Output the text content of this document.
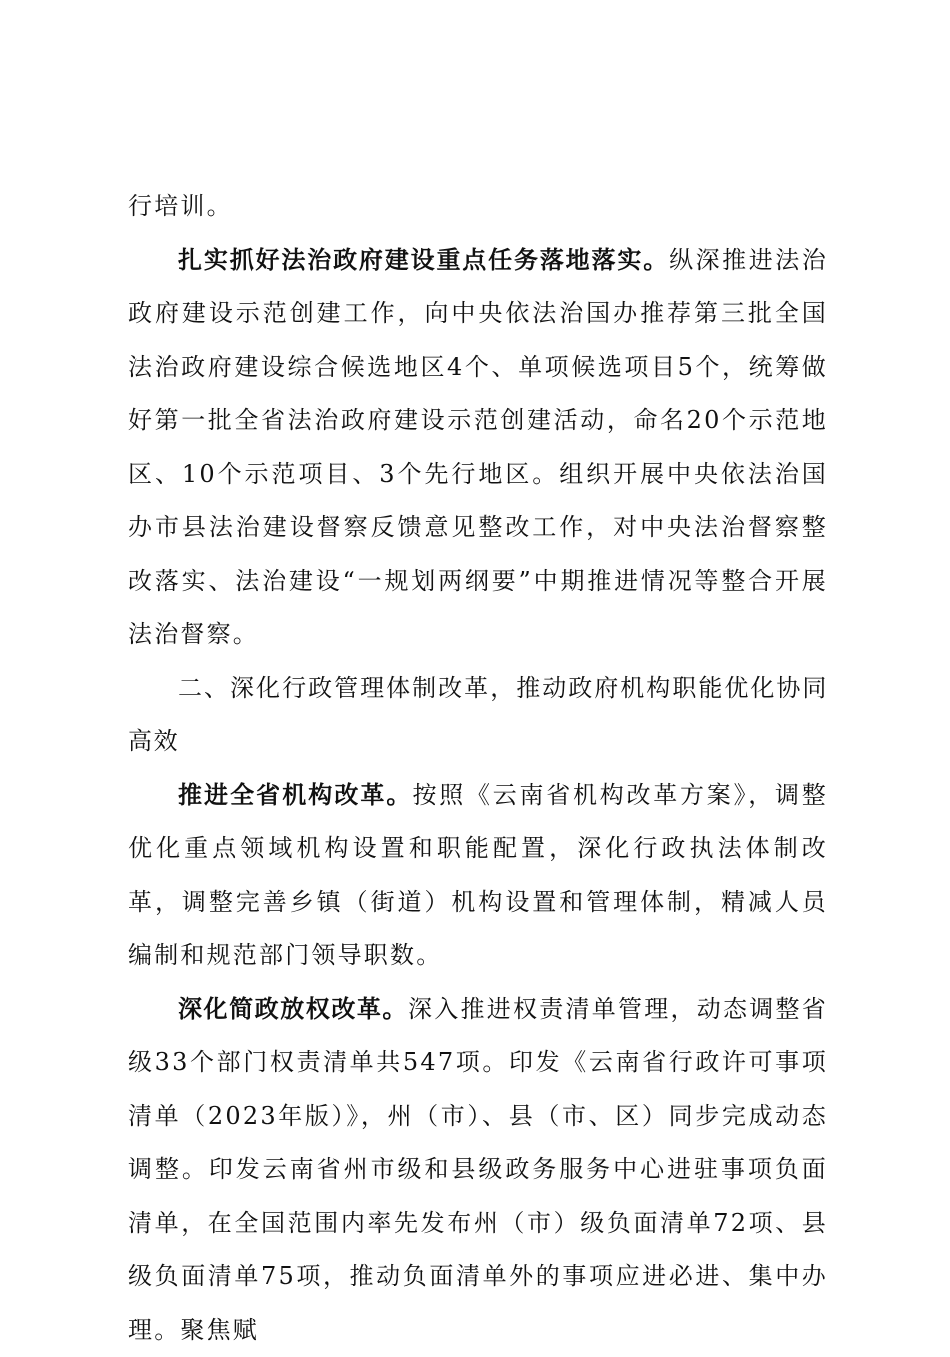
行培训。

扎实抓好法治政府建设重点任务落地落实。纵深推进法治政府建设示范创建工作，向中央依法治国办推荐第三批全国法治政府建设综合候选地区4个、单项候选项目5个，统筹做好第一批全省法治政府建设示范创建活动，命名20个示范地区、10个示范项目、3个先行地区。组织开展中央依法治国办市县法治建设督察反馈意见整改工作，对中央法治督察整改落实、法治建设“一规划两纲要”中期推进情况等整合开展法治督察。

二、深化行政管理体制改革，推动政府机构职能优化协同高效

推进全省机构改革。按照《云南省机构改革方案》，调整优化重点领域机构设置和职能配置，深化行政执法体制改革，调整完善乡镇（街道）机构设置和管理体制，精减人员编制和规范部门领导职数。

深化简政放权改革。深入推进权责清单管理，动态调整省级33个部门权责清单共547项。印发《云南省行政许可事项清单（2023年版）》，州（市）、县（市、区）同步完成动态调整。印发云南省州市级和县级政务服务中心进驻事项负面清单，在全国范围内率先发布州（市）级负面清单72项、县级负面清单75项，推动负面清单外的事项应进必进、集中办理。聚焦赋
